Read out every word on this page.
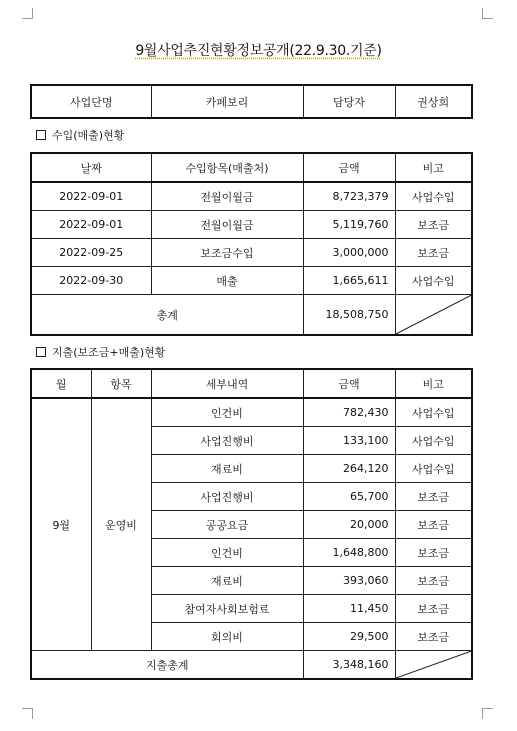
9월사업추진현황정보공개(22.9.30.기준)
사업단명	카페보리	담당자	권상희
수입(매출)현황
날짜	수입항목(매출처)	금액	비고
2022-09-01	전월이월금	8,723,379	사업수입
2022-09-01	전월이월금	5,119,760	보조금
2022-09-25	보조금수입	3,000,000	보조금
2022-09-30	매출	1,665,611	사업수입
총계		18,508,750	
지출(보조금+매출)현황
월	항목	세부내역	금액	비고
9월	운영비	인건비	782,430	사업수입
		사업진행비	133,100	사업수입
		재료비	264,120	사업수입
		사업진행비	65,700	보조금
		공공요금	20,000	보조금
		인건비	1,648,800	보조금
		재료비	393,060	보조금
		참여자사회보험료	11,450	보조금
		회의비	29,500	보조금
지출총계			3,348,160	
